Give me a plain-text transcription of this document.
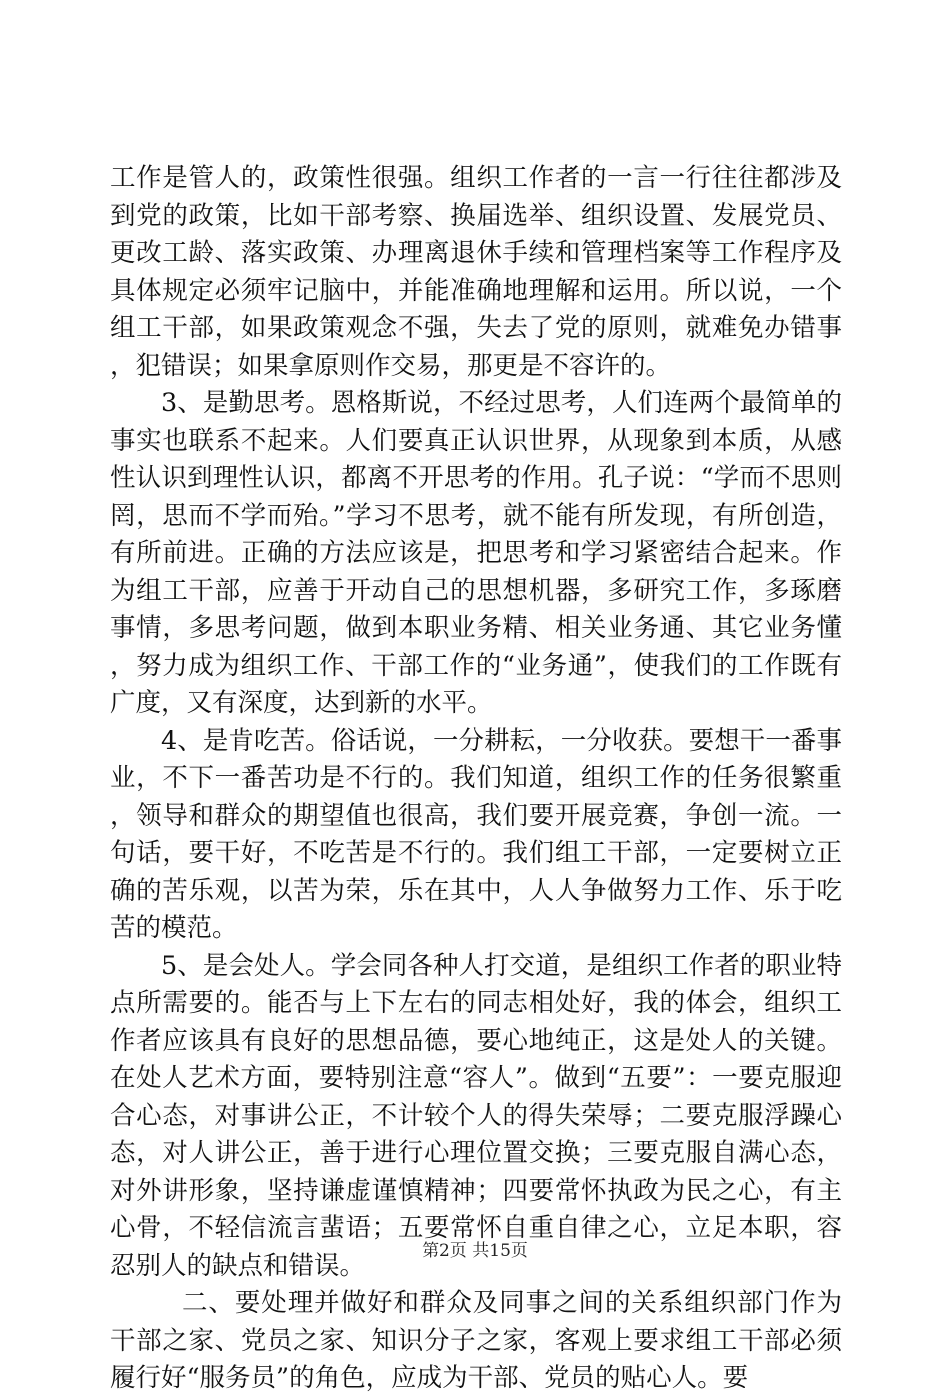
工作是管人的，政策性很强。组织工作者的一言一行往往都涉及到党的政策，比如干部考察、换届选举、组织设置、发展党员、更改工龄、落实政策、办理离退休手续和管理档案等工作程序及具体规定必须牢记脑中，并能准确地理解和运用。所以说，一个组工干部，如果政策观念不强，失去了党的原则，就难免办错事，犯错误；如果拿原则作交易，那更是不容许的。

3、是勤思考。恩格斯说，不经过思考，人们连两个最简单的事实也联系不起来。人们要真正认识世界，从现象到本质，从感性认识到理性认识，都离不开思考的作用。孔子说：“学而不思则罔，思而不学而殆。”学习不思考，就不能有所发现，有所创造，有所前进。正确的方法应该是，把思考和学习紧密结合起来。作为组工干部，应善于开动自己的思想机器，多研究工作，多琢磨事情，多思考问题，做到本职业务精、相关业务通、其它业务懂，努力成为组织工作、干部工作的“业务通”，使我们的工作既有广度，又有深度，达到新的水平。

4、是肯吃苦。俗话说，一分耕耘，一分收获。要想干一番事业，不下一番苦功是不行的。我们知道，组织工作的任务很繁重，领导和群众的期望值也很高，我们要开展竞赛，争创一流。一句话，要干好，不吃苦是不行的。我们组工干部，一定要树立正确的苦乐观，以苦为荣，乐在其中，人人争做努力工作、乐于吃苦的模范。

5、是会处人。学会同各种人打交道，是组织工作者的职业特点所需要的。能否与上下左右的同志相处好，我的体会，组织工作者应该具有良好的思想品德，要心地纯正，这是处人的关键。在处人艺术方面，要特别注意“容人”。做到“五要”：一要克服迎合心态，对事讲公正，不计较个人的得失荣辱；二要克服浮躁心态，对人讲公正，善于进行心理位置交换；三要克服自满心态，对外讲形象，坚持谦虚谨慎精神；四要常怀执政为民之心，有主心骨，不轻信流言蜚语；五要常怀自重自律之心，立足本职，容忍别人的缺点和错误。

二、要处理并做好和群众及同事之间的关系组织部门作为干部之家、党员之家、知识分子之家，客观上要求组工干部必须履行好“服务员”的角色，应成为干部、党员的贴心人。要

第2页 共15页
